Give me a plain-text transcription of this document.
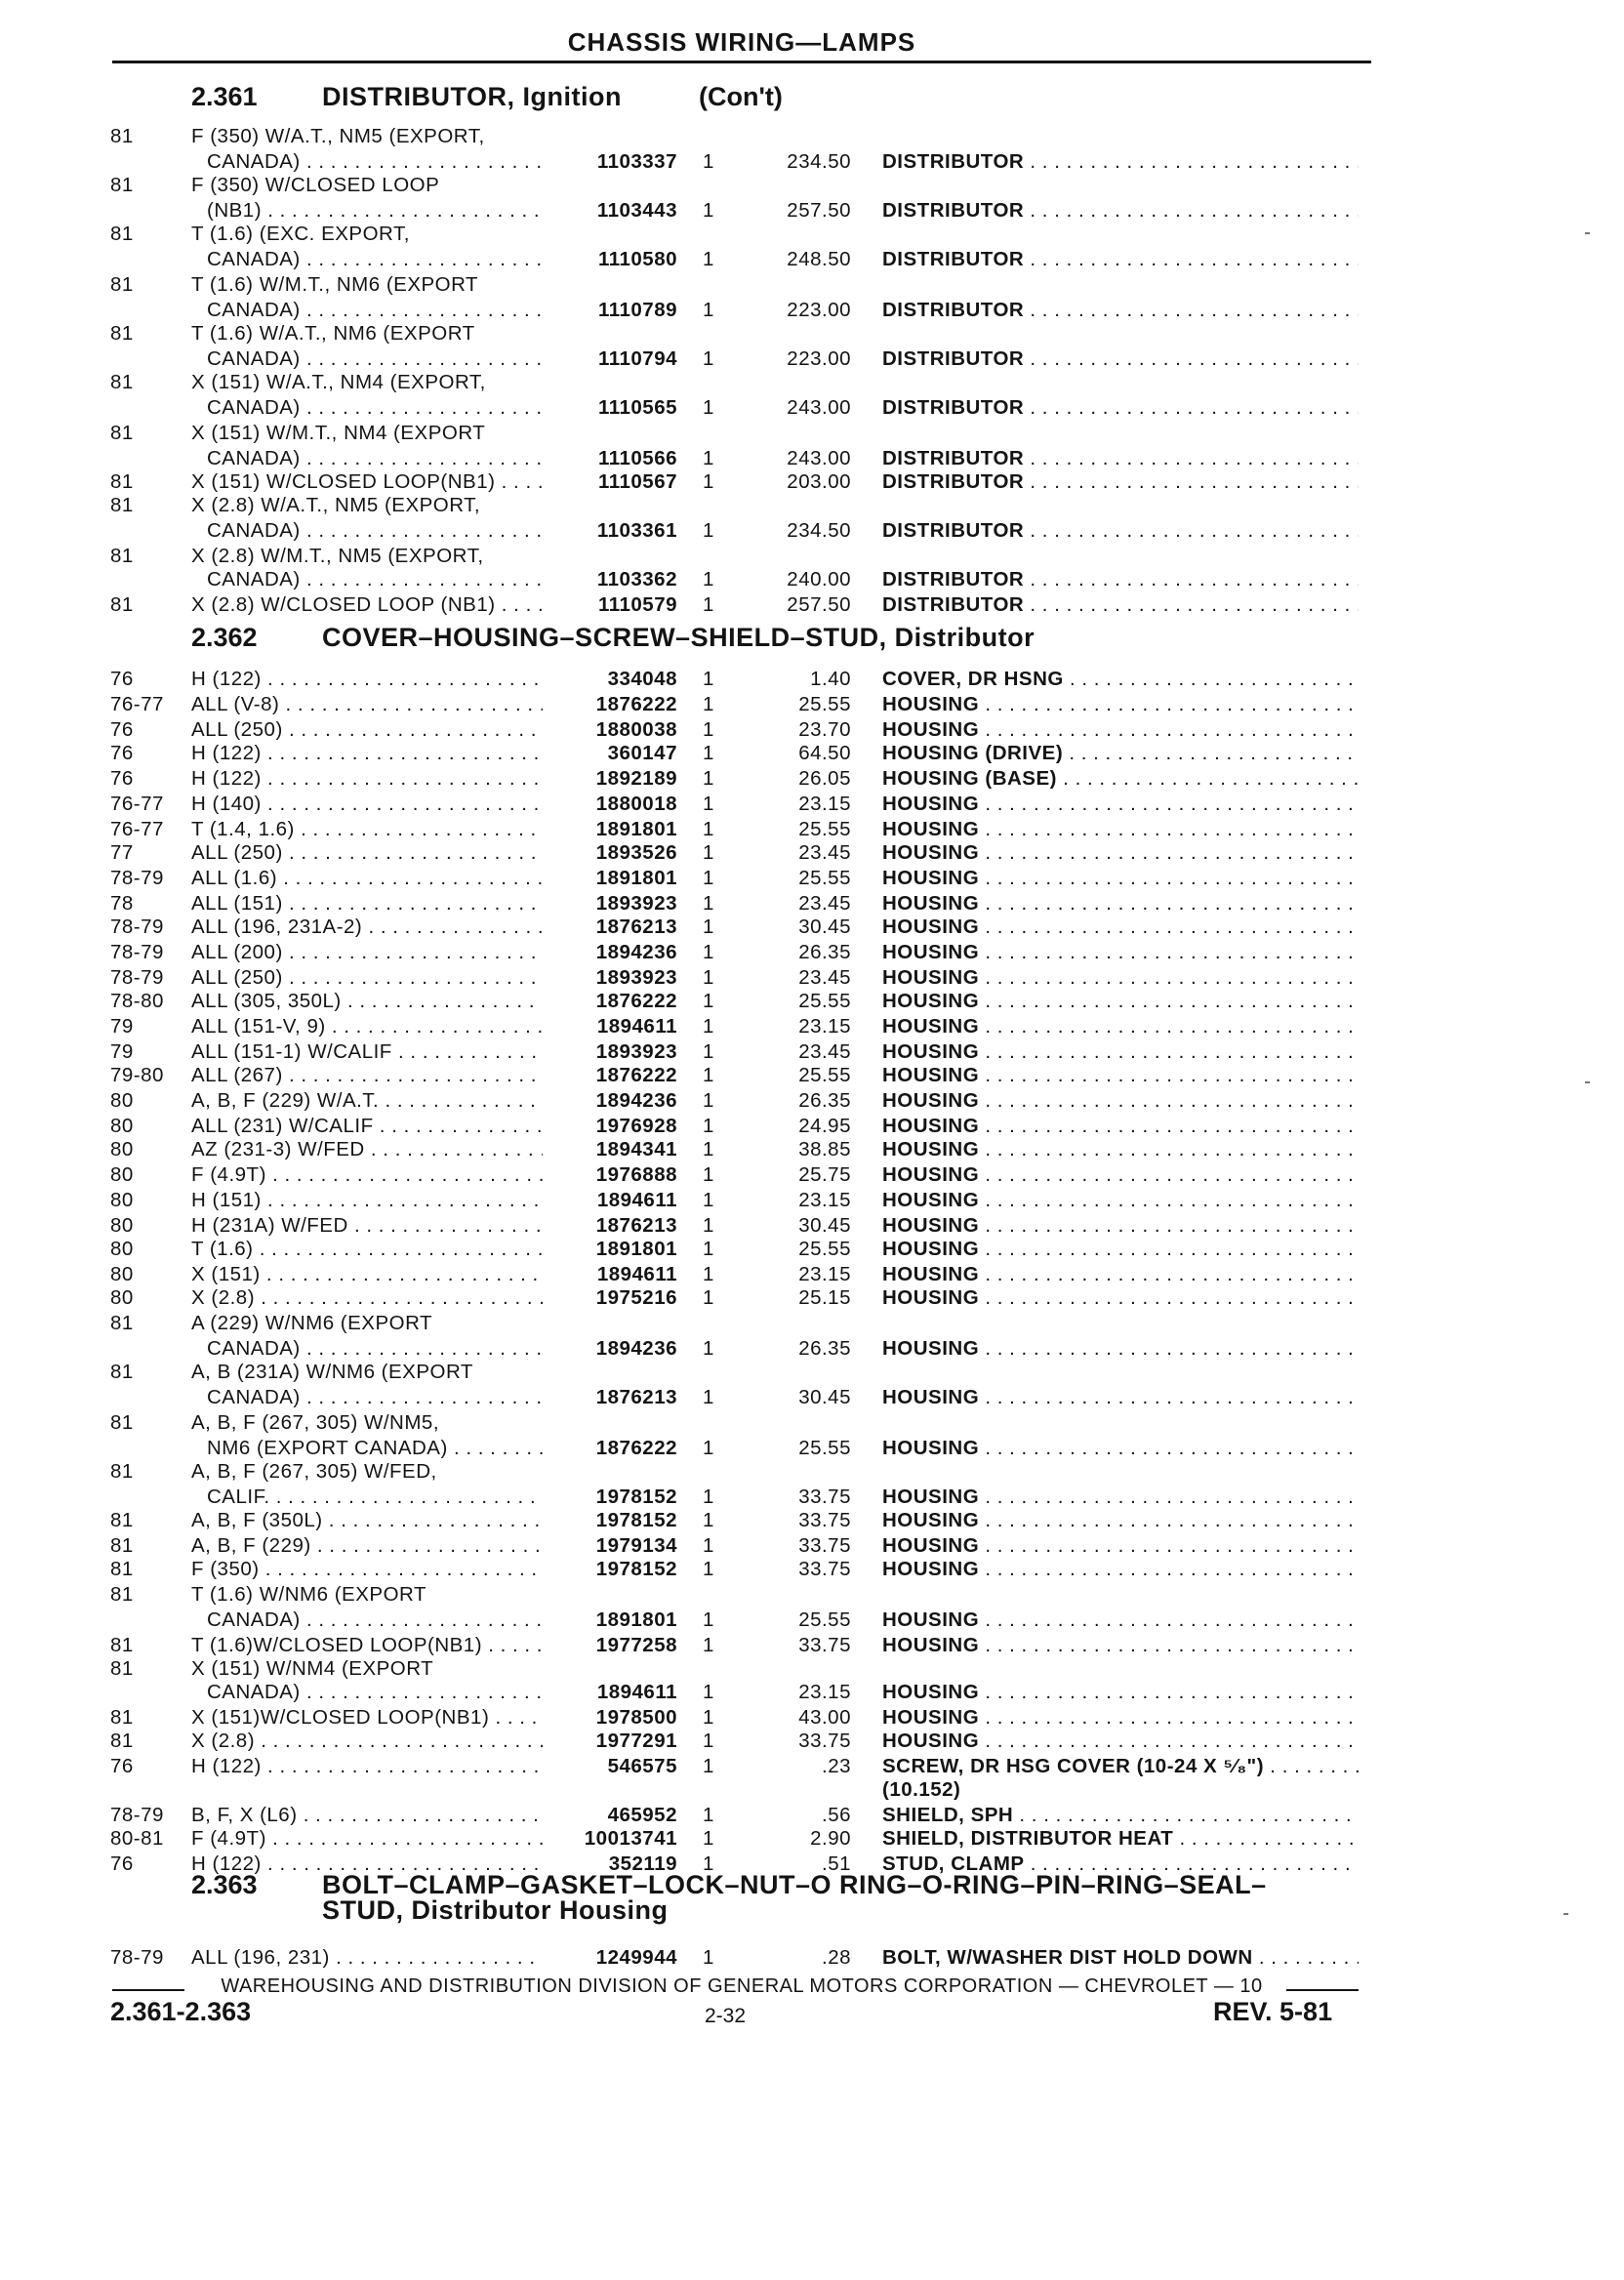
CHASSIS WIRING—LAMPS
2.361 DISTRIBUTOR, Ignition	(Con't)
2.362 COVER–HOUSING–SCREW–SHIELD–STUD, Distributor
2.363 BOLT–CLAMP–GASKET–LOCK–NUT–O RING–O-RING–PIN–RING–SEAL–
STUD, Distributor Housing
81	F (350) W/A.T., NM5 (EXPORT,
CANADA) . . .	1103337 1	234.50 DISTRIBUTOR . . .
81	F (350) W/CLOSED LOOP
(NB1) . . .	1103443 1	257.50 DISTRIBUTOR . . .
81	T (1.6) (EXC. EXPORT,
CANADA) . . .	1110580 1	248.50 DISTRIBUTOR . . .
81	T (1.6) W/M.T., NM6 (EXPORT
CANADA) . . .	1110789 1	223.00 DISTRIBUTOR . . .
81	T (1.6) W/A.T., NM6 (EXPORT
CANADA) . . .	1110794 1	223.00 DISTRIBUTOR . . .
81	X (151) W/A.T., NM4 (EXPORT,
CANADA) . . .	1110565 1	243.00 DISTRIBUTOR . . .
81	X (151) W/M.T., NM4 (EXPORT
CANADA) . . .	1110566 1	243.00 DISTRIBUTOR . . .
81	X (151) W/CLOSED LOOP(NB1) . . .	1110567 1	203.00 DISTRIBUTOR . . .
81	X (2.8) W/A.T., NM5 (EXPORT,
CANADA) . . .	1103361 1	234.50 DISTRIBUTOR . . .
81	X (2.8) W/M.T., NM5 (EXPORT,
CANADA) . . .	1103362 1	240.00 DISTRIBUTOR . . .
81	X (2.8) W/CLOSED LOOP (NB1) . . .	1110579 1	257.50 DISTRIBUTOR . . .
76	H (122) . . .	334048 1	1.40 COVER, DR HSNG . . .
76-77 ALL (V-8) . . .	1876222 1	25.55 HOUSING . . .
76	ALL (250) . . .	1880038 1	23.70 HOUSING . . .
76	H (122) . . .	360147 1	64.50 HOUSING (DRIVE) . . .
76	H (122) . . .	1892189 1	26.05 HOUSING (BASE) . . .
76-77 H (140) . . .	1880018 1	23.15 HOUSING . . .
76-77 T (1.4, 1.6) . . .	1891801 1	25.55 HOUSING . . .
77	ALL (250) . . .	1893526 1	23.45 HOUSING . . .
78-79 ALL (1.6) . . .	1891801 1	25.55 HOUSING . . .
78	ALL (151) . . .	1893923 1	23.45 HOUSING . . .
78-79 ALL (196, 231A-2) . . .	1876213 1	30.45 HOUSING . . .
78-79 ALL (200) . . .	1894236 1	26.35 HOUSING . . .
78-79 ALL (250) . . .	1893923 1	23.45 HOUSING . . .
78-80 ALL (305, 350L) . . .	1876222 1	25.55 HOUSING . . .
79	ALL (151-V, 9) . . .	1894611 1	23.15 HOUSING . . .
79	ALL (151-1) W/CALIF . . .	1893923 1	23.45 HOUSING . . .
79-80 ALL (267) . . .	1876222 1	25.55 HOUSING . . .
80	A, B, F (229) W/A.T. . . .	1894236 1	26.35 HOUSING . . .
80	ALL (231) W/CALIF . . .	1976928 1	24.95 HOUSING . . .
80	AZ (231-3) W/FED . . .	1894341 1	38.85 HOUSING . . .
80	F (4.9T) . . .	1976888 1	25.75 HOUSING . . .
80	H (151) . . .	1894611 1	23.15 HOUSING . . .
80	H (231A) W/FED . . .	1876213 1	30.45 HOUSING . . .
80	T (1.6) . . .	1891801 1	25.55 HOUSING . . .
80	X (151) . . .	1894611 1	23.15 HOUSING . . .
80	X (2.8) . . .	1975216 1	25.15 HOUSING . . .
81	A (229) W/NM6 (EXPORT
CANADA) . . .	1894236 1	26.35 HOUSING . . .
81	A, B (231A) W/NM6 (EXPORT
CANADA) . . .	1876213 1	30.45 HOUSING . . .
81	A, B, F (267, 305) W/NM5,
NM6 (EXPORT CANADA) . . .	1876222 1	25.55 HOUSING . . .
81	A, B, F (267, 305) W/FED,
CALIF. . . .	1978152 1	33.75 HOUSING . . .
81	A, B, F (350L) . . .	1978152 1	33.75 HOUSING . . .
81	A, B, F (229) . . .	1979134 1	33.75 HOUSING . . .
81	F (350) . . .	1978152 1	33.75 HOUSING . . .
81	T (1.6) W/NM6 (EXPORT
CANADA) . . .	1891801 1	25.55 HOUSING . . .
81	T (1.6)W/CLOSED LOOP(NB1) . . .	1977258 1	33.75 HOUSING . . .
81	X (151) W/NM4 (EXPORT
CANADA) . . .	1894611 1	23.15 HOUSING . . .
81	X (151)W/CLOSED LOOP(NB1) . . .	1978500 1	43.00 HOUSING . . .
81	X (2.8) . . .	1977291 1	33.75 HOUSING . . .
76	H (122) . . .	546575 1	.23 SCREW, DR HSG COVER (10-24 X ⁵⁄₈") . . .
(10.152)
78-79 B, F, X (L6) . . .	465952 1	.56 SHIELD, SPH . . .
80-81 F (4.9T) . . .	10013741 1	2.90 SHIELD, DISTRIBUTOR HEAT . . .
76	H (122) . . .	352119 1	.51 STUD, CLAMP . . .
78-79 ALL (196, 231) . . .	1249944 1	.28 BOLT, W/WASHER DIST HOLD DOWN . . .
WAREHOUSING AND DISTRIBUTION DIVISION OF GENERAL MOTORS CORPORATION — CHEVROLET — 10
2.361-2.363	2-32	REV. 5-81
